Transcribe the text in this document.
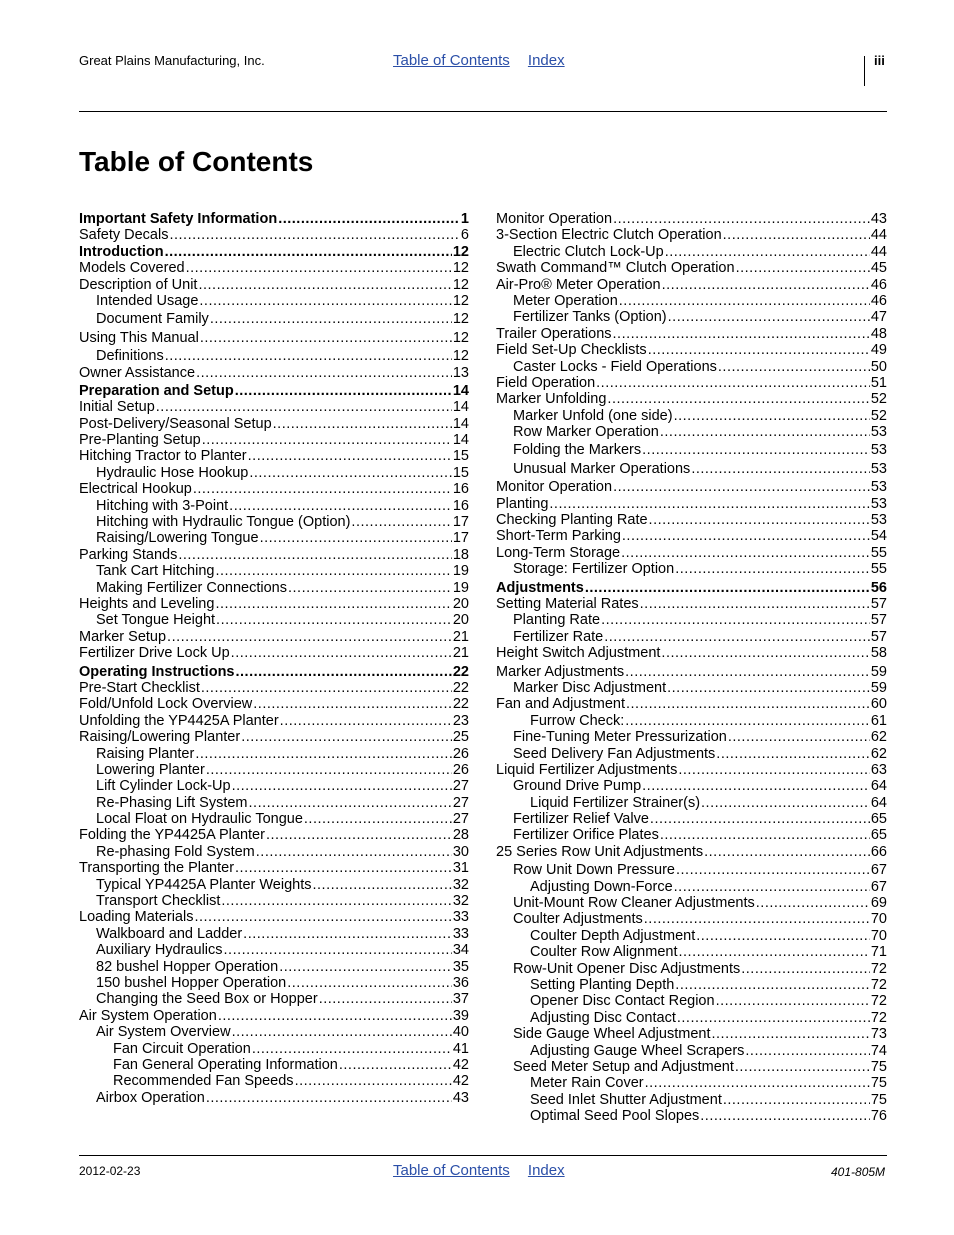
Great Plains Manufacturing, Inc.	Table of Contents Index	iii
Table of Contents
Important Safety Information .....	1
Safety Decals .....	6
Introduction .....	12
Models Covered .....	12
Description of Unit .....	12
Intended Usage .....	12
Document Family .....	12
Using This Manual .....	12
Definitions .....	12
Owner Assistance .....	13
Preparation and Setup .....	14
Initial Setup .....	14
Post-Delivery/Seasonal Setup .....	14
Pre-Planting Setup .....	14
Hitching Tractor to Planter .....	15
Hydraulic Hose Hookup .....	15
Electrical Hookup .....	16
Hitching with 3-Point .....	16
Hitching with Hydraulic Tongue (Option) .....	17
Raising/Lowering Tongue .....	17
Parking Stands .....	18
Tank Cart Hitching .....	19
Making Fertilizer Connections .....	19
Heights and Leveling .....	20
Set Tongue Height .....	20
Marker Setup .....	21
Fertilizer Drive Lock Up .....	21
Operating Instructions .....	22
Pre-Start Checklist .....	22
Fold/Unfold Lock Overview .....	22
Unfolding the YP4425A Planter .....	23
Raising/Lowering Planter .....	25
Raising Planter .....	26
Lowering Planter .....	26
Lift Cylinder Lock-Up .....	27
Re-Phasing Lift System .....	27
Local Float on Hydraulic Tongue .....	27
Folding the YP4425A Planter .....	28
Re-phasing Fold System .....	30
Transporting the Planter .....	31
Typical YP4425A Planter Weights .....	32
Transport Checklist .....	32
Loading Materials .....	33
Walkboard and Ladder .....	33
Auxiliary Hydraulics .....	34
82 bushel Hopper Operation .....	35
150 bushel Hopper Operation .....	36
Changing the Seed Box or Hopper .....	37
Air System Operation .....	39
Air System Overview .....	40
Fan Circuit Operation .....	41
Fan General Operating Information .....	42
Recommended Fan Speeds .....	42
Airbox Operation .....	43
Monitor Operation .....	43
3-Section Electric Clutch Operation .....	44
Electric Clutch Lock-Up .....	44
Swath Command™ Clutch Operation .....	45
Air-Pro® Meter Operation .....	46
Meter Operation .....	46
Fertilizer Tanks (Option) .....	47
Trailer Operations .....	48
Field Set-Up Checklists .....	49
Caster Locks - Field Operations .....	50
Field Operation .....	51
Marker Unfolding .....	52
Marker Unfold (one side) .....	52
Row Marker Operation .....	53
Folding the Markers .....	53
Unusual Marker Operations .....	53
Monitor Operation .....	53
Planting .....	53
Checking Planting Rate .....	53
Short-Term Parking .....	54
Long-Term Storage .....	55
Storage: Fertilizer Option .....	55
Adjustments .....	56
Setting Material Rates .....	57
Planting Rate .....	57
Fertilizer Rate .....	57
Height Switch Adjustment .....	58
Marker Adjustments .....	59
Marker Disc Adjustment .....	59
Fan and Adjustment .....	60
Furrow Check: .....	61
Fine-Tuning Meter Pressurization .....	62
Seed Delivery Fan Adjustments .....	62
Liquid Fertilizer Adjustments .....	63
Ground Drive Pump .....	64
Liquid Fertilizer Strainer(s) .....	64
Fertilizer Relief Valve .....	65
Fertilizer Orifice Plates .....	65
25 Series Row Unit Adjustments .....	66
Row Unit Down Pressure .....	67
Adjusting Down-Force .....	67
Unit-Mount Row Cleaner Adjustments .....	69
Coulter Adjustments .....	70
Coulter Depth Adjustment .....	70
Coulter Row Alignment .....	71
Row-Unit Opener Disc Adjustments .....	72
Setting Planting Depth .....	72
Opener Disc Contact Region .....	72
Adjusting Disc Contact .....	72
Side Gauge Wheel Adjustment .....	73
Adjusting Gauge Wheel Scrapers .....	74
Seed Meter Setup and Adjustment .....	75
Meter Rain Cover .....	75
Seed Inlet Shutter Adjustment .....	75
Optimal Seed Pool Slopes .....	76
2012-02-23	Table of Contents Index	401-805M
